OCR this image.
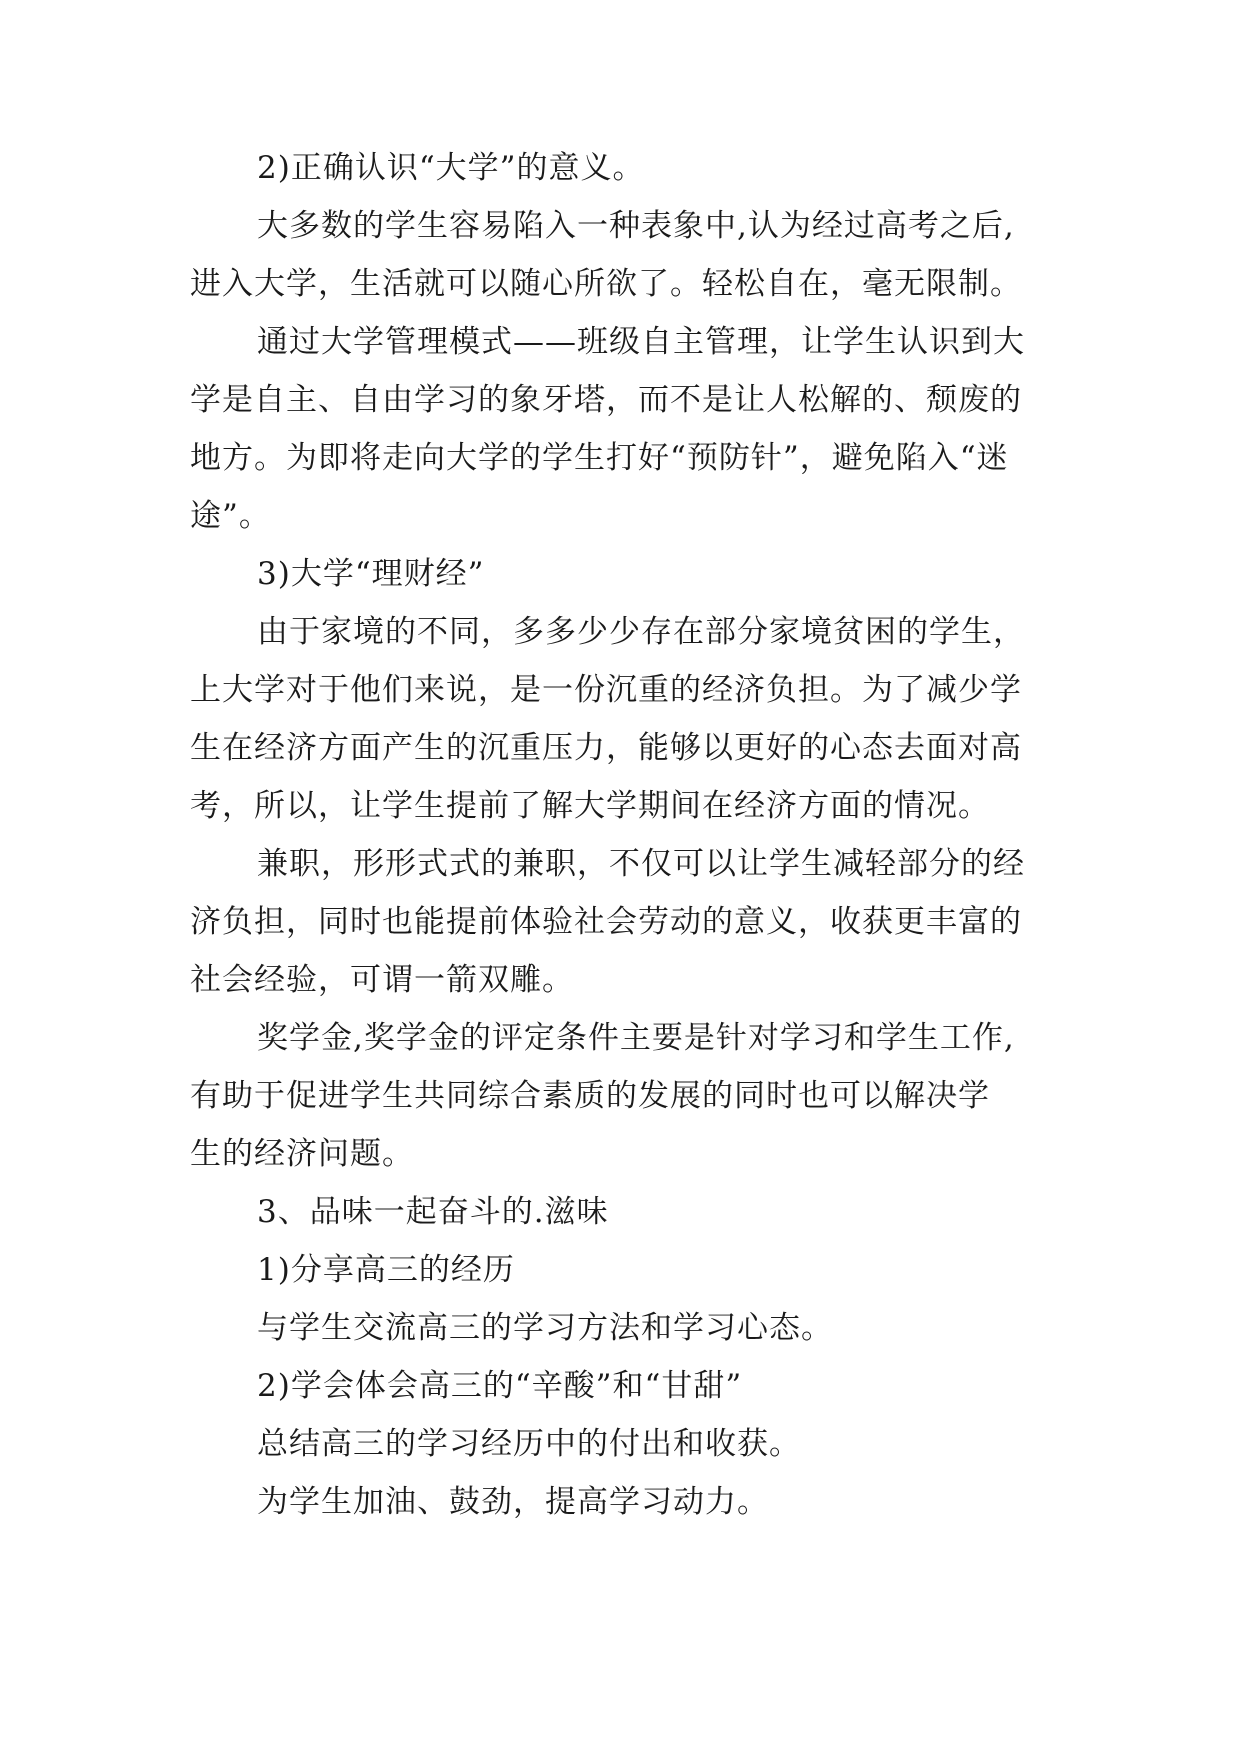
2)正确认识“大学”的意义。

大多数的学生容易陷入一种表象中,认为经过高考之后,

进入大学，生活就可以随心所欲了。轻松自在，毫无限制。

通过大学管理模式——班级自主管理，让学生认识到大

学是自主、自由学习的象牙塔，而不是让人松解的、颓废的

地方。为即将走向大学的学生打好“预防针”，避免陷入“迷

途”。

3)大学“理财经”

由于家境的不同，多多少少存在部分家境贫困的学生，

上大学对于他们来说，是一份沉重的经济负担。为了减少学

生在经济方面产生的沉重压力，能够以更好的心态去面对高

考，所以，让学生提前了解大学期间在经济方面的情况。

兼职，形形式式的兼职，不仅可以让学生减轻部分的经

济负担，同时也能提前体验社会劳动的意义，收获更丰富的

社会经验，可谓一箭双雕。

奖学金,奖学金的评定条件主要是针对学习和学生工作,

有助于促进学生共同综合素质的发展的同时也可以解决学

生的经济问题。

3、品味一起奋斗的.滋味

1)分享高三的经历

与学生交流高三的学习方法和学习心态。

2)学会体会高三的“辛酸”和“甘甜”

总结高三的学习经历中的付出和收获。

为学生加油、鼓劲，提高学习动力。
